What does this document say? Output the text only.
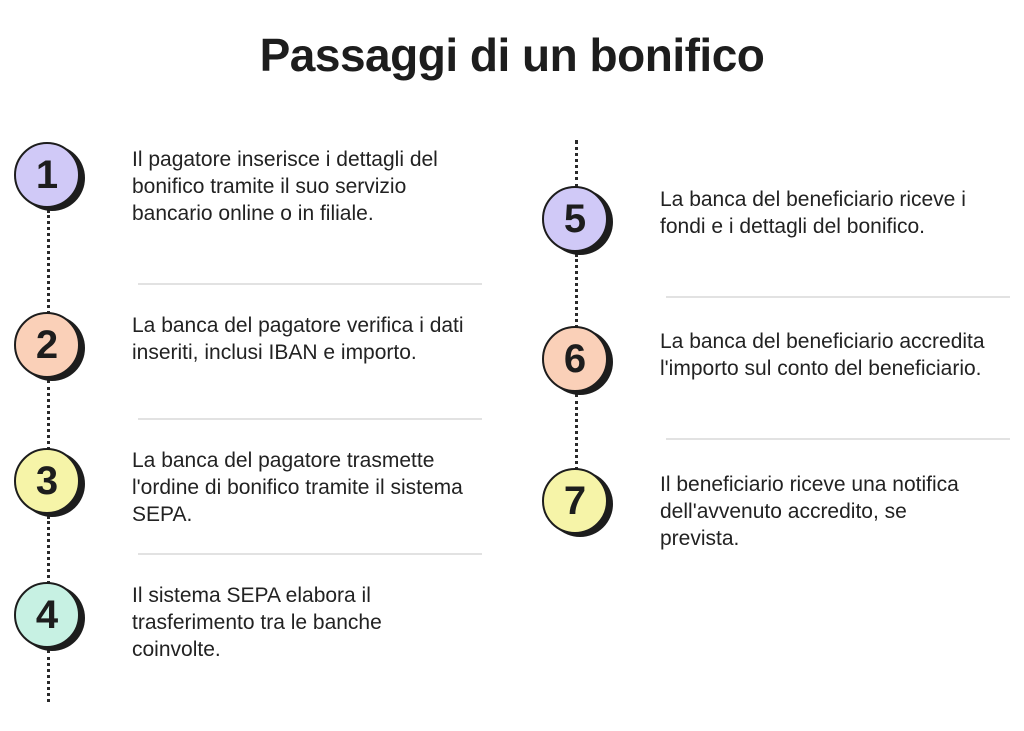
Passaggi di un bonifico
1	Il pagatore inserisce i dettagli del bonifico tramite il suo servizio bancario online o in filiale.
2	La banca del pagatore verifica i dati inseriti, inclusi IBAN e importo.
3	La banca del pagatore trasmette l'ordine di bonifico tramite il sistema SEPA.
4	Il sistema SEPA elabora il trasferimento tra le banche coinvolte.
5	La banca del beneficiario riceve i fondi e i dettagli del bonifico.
6	La banca del beneficiario accredita l'importo sul conto del beneficiario.
7	Il beneficiario riceve una notifica dell'avvenuto accredito, se prevista.
